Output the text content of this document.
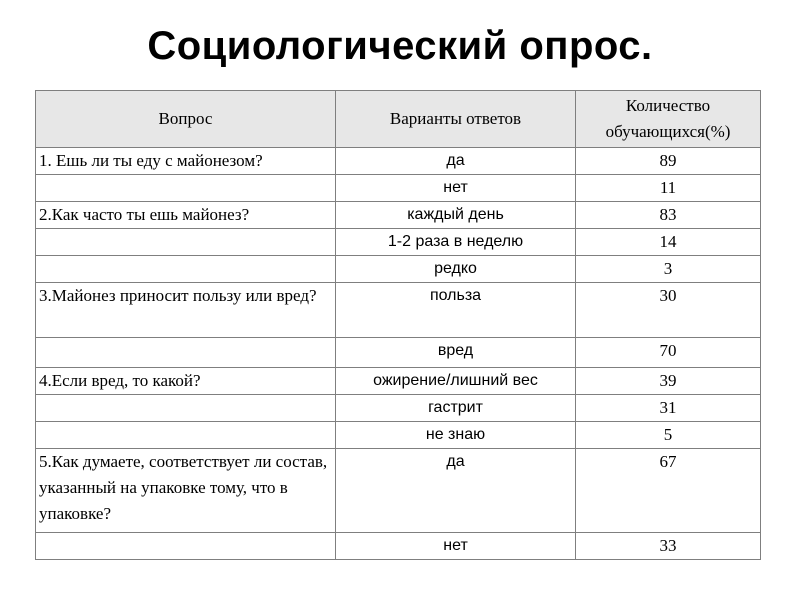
Социологический опрос.
Вопрос	Варианты ответов	Количество обучающихся(%)
1. Ешь ли ты еду с майонезом?	да	89
	нет	11
2.Как часто ты ешь майонез?	каждый день	83
	1-2 раза в неделю	14
	редко	3
3.Майонез приносит пользу или вред?	польза	30
	вред	70
4.Если вред, то какой?	ожирение/лишний вес	39
	гастрит	31
	не знаю	5
5.Как думаете, соответствует ли состав, указанный на упаковке тому, что в упаковке?	да	67
	нет	33
